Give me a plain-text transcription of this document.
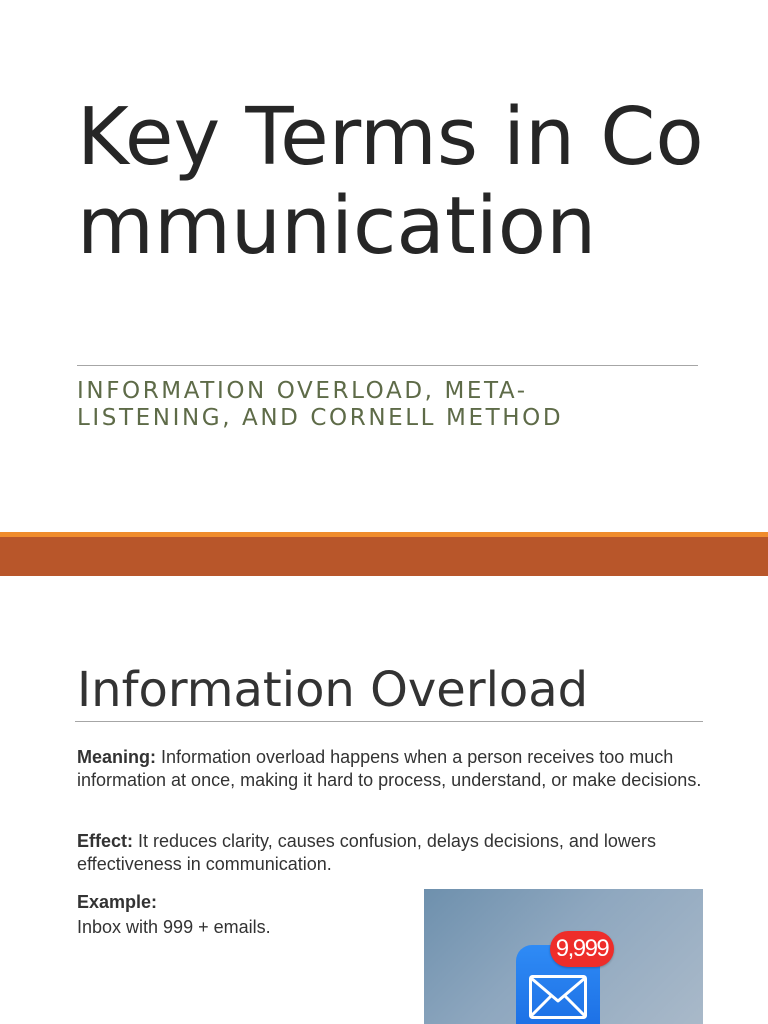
Key Terms in Communication

INFORMATION OVERLOAD, META-LISTENING, AND CORNELL METHOD

Information Overload

Meaning: Information overload happens when a person receives too much information at once, making it hard to process, understand, or make decisions.

Effect: It reduces clarity, causes confusion, delays decisions, and lowers effectiveness in communication.

Example:
Inbox with 999 + emails.

9,999
